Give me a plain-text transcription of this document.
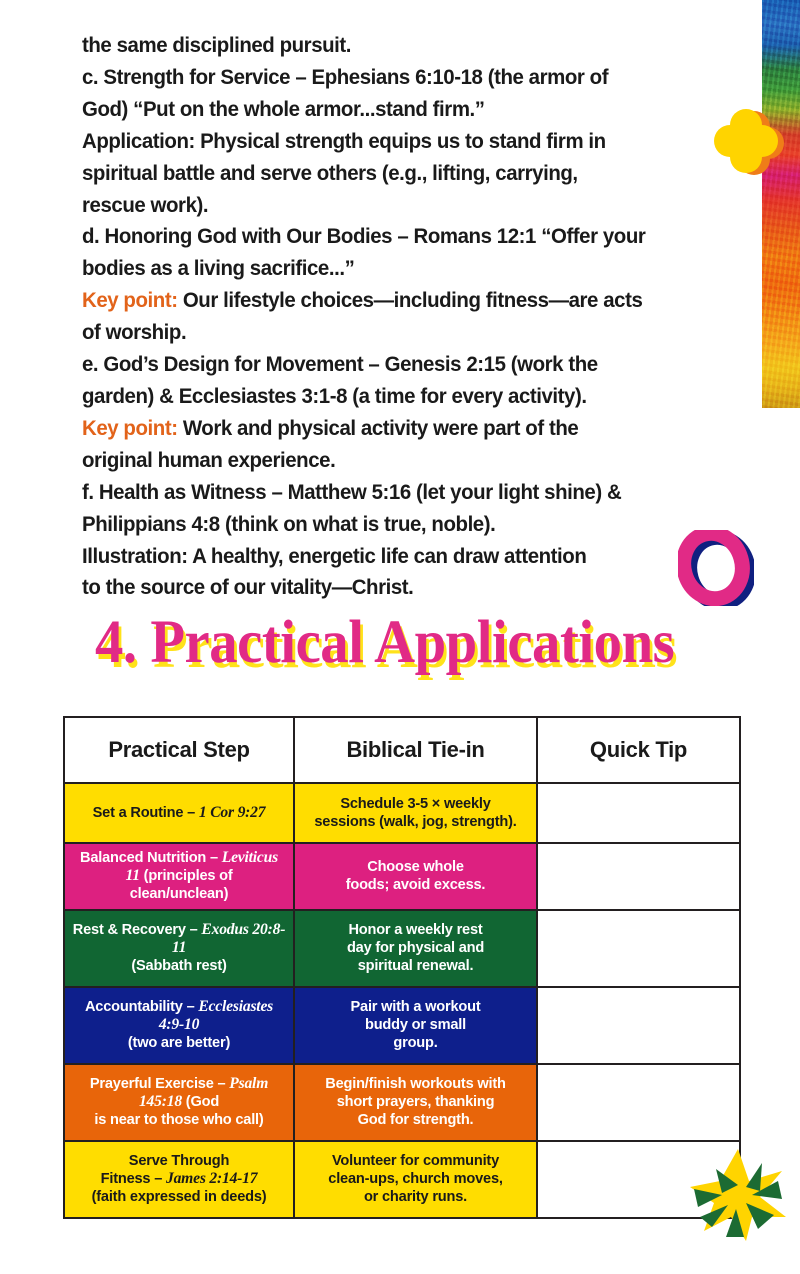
the same disciplined pursuit.

c. Strength for Service – Ephesians 6:10-18 (the armor of

God) “Put on the whole armor...stand firm.”

Application: Physical strength equips us to stand firm in

spiritual battle and serve others (e.g., lifting, carrying,

rescue work).

d. Honoring God with Our Bodies – Romans 12:1 “Offer your

bodies as a living sacrifice...”

Key point: Our lifestyle choices—including fitness—are acts

of worship.

e. God’s Design for Movement – Genesis 2:15 (work the

garden) & Ecclesiastes 3:1-8 (a time for every activity).

Key point: Work and physical activity were part of the

original human experience.

f. Health as Witness – Matthew 5:16 (let your light shine) &

Philippians 4:8 (think on what is true, noble).

Illustration: A healthy, energetic life can draw attention

to the source of our vitality—Christ.

4. Practical Applications
Practical Step	Biblical Tie-in	Quick Tip
Set a Routine – 1 Cor 9:27	Schedule 3-5 × weekly
sessions (walk, jog, strength).	
Balanced Nutrition – Leviticus 11 (principles of
clean/unclean)	Choose whole
foods; avoid excess.	
Rest & Recovery – Exodus 20:8-11
(Sabbath rest)	Honor a weekly rest
day for physical and
spiritual renewal.	
Accountability – Ecclesiastes 4:9-10
(two are better)	Pair with a workout
buddy or small
group.	
Prayerful Exercise – Psalm 145:18 (God
is near to those who call)	Begin/finish workouts with
short prayers, thanking
God for strength.	
Serve Through
Fitness – James 2:14-17
(faith expressed in deeds)	Volunteer for community
clean-ups, church moves,
or charity runs.	
